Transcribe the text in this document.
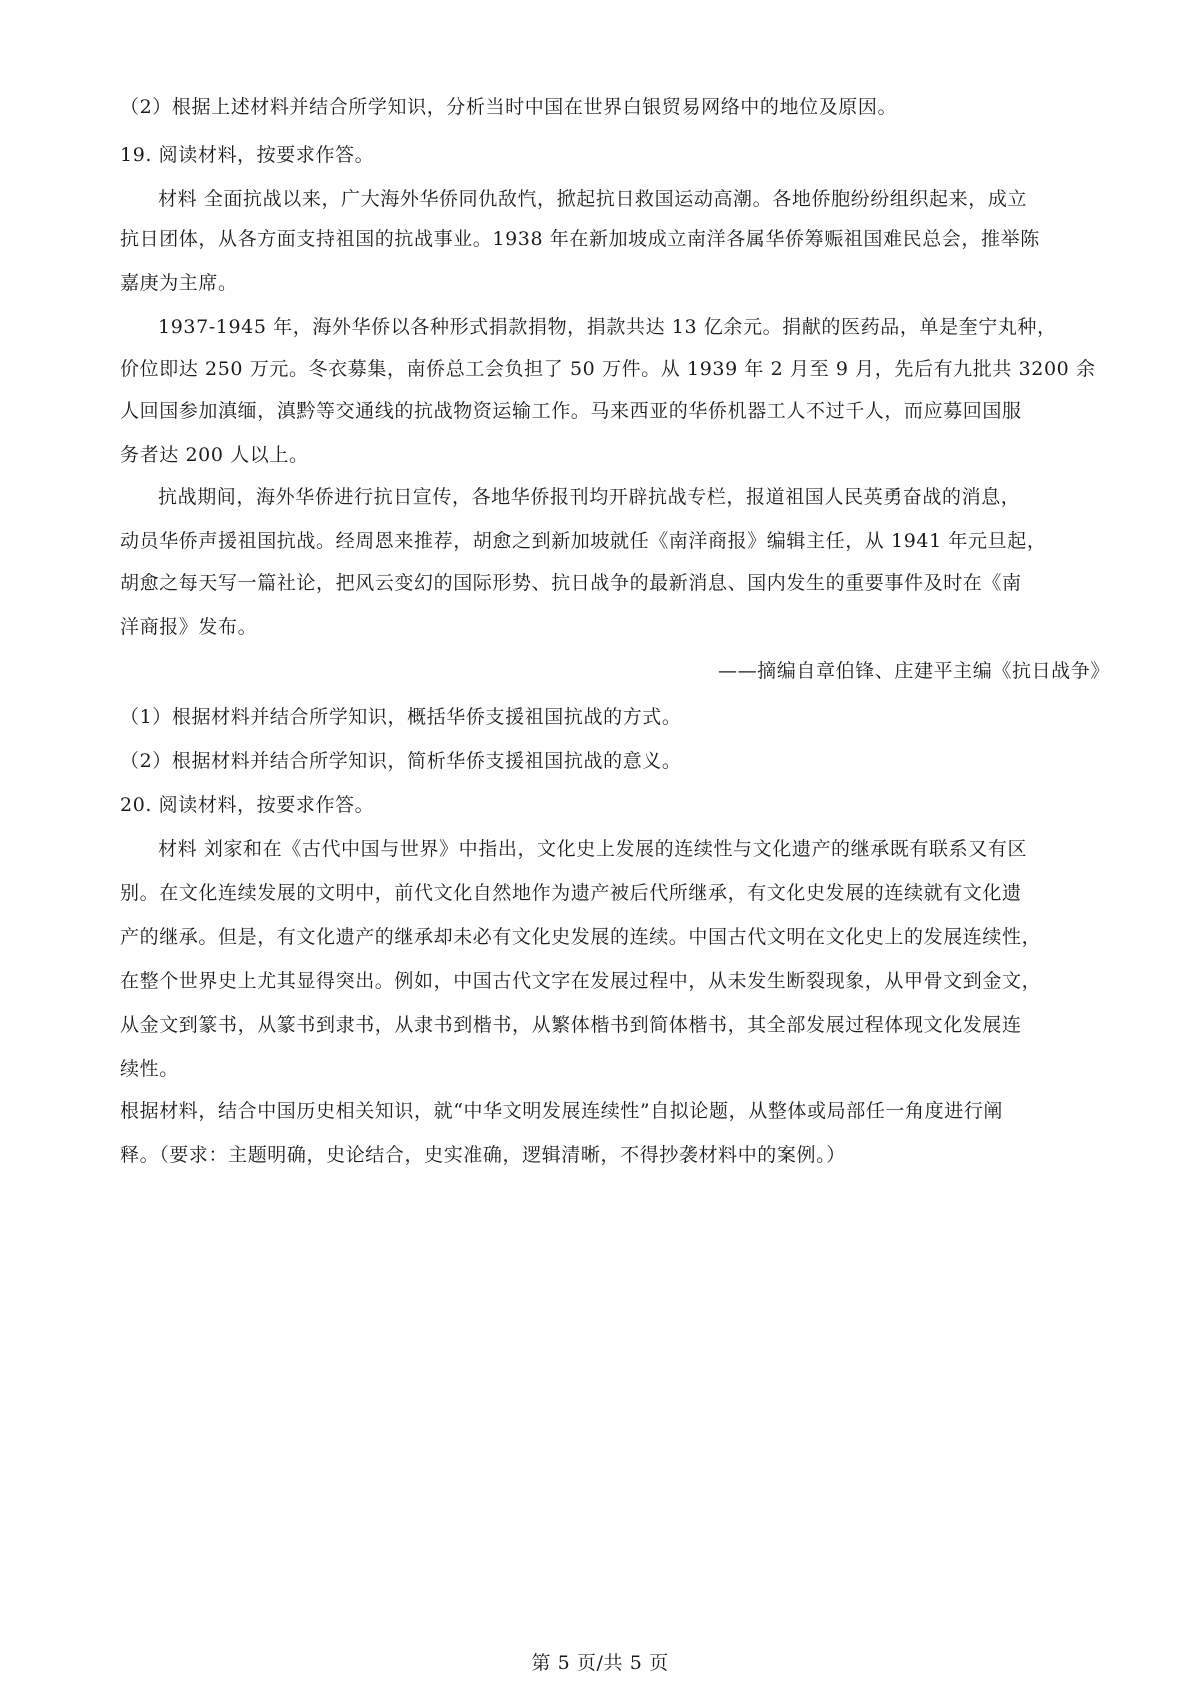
（2）根据上述材料并结合所学知识，分析当时中国在世界白银贸易网络中的地位及原因。
19. 阅读材料，按要求作答。
材料 全面抗战以来，广大海外华侨同仇敌忾，掀起抗日救国运动高潮。各地侨胞纷纷组织起来，成立
抗日团体，从各方面支持祖国的抗战事业。1938 年在新加坡成立南洋各属华侨筹赈祖国难民总会，推举陈
嘉庚为主席。
1937-1945 年，海外华侨以各种形式捐款捐物，捐款共达 13 亿余元。捐献的医药品，单是奎宁丸种，
价位即达 250 万元。冬衣募集，南侨总工会负担了 50 万件。从 1939 年 2 月至 9 月，先后有九批共 3200 余
人回国参加滇缅，滇黔等交通线的抗战物资运输工作。马来西亚的华侨机器工人不过千人，而应募回国服
务者达 200 人以上。
抗战期间，海外华侨进行抗日宣传，各地华侨报刊均开辟抗战专栏，报道祖国人民英勇奋战的消息，
动员华侨声援祖国抗战。经周恩来推荐，胡愈之到新加坡就任《南洋商报》编辑主任，从 1941 年元旦起，
胡愈之每天写一篇社论，把风云变幻的国际形势、抗日战争的最新消息、国内发生的重要事件及时在《南
洋商报》发布。
——摘编自章伯锋、庄建平主编《抗日战争》
（1）根据材料并结合所学知识，概括华侨支援祖国抗战的方式。
（2）根据材料并结合所学知识，简析华侨支援祖国抗战的意义。
20. 阅读材料，按要求作答。
材料 刘家和在《古代中国与世界》中指出，文化史上发展的连续性与文化遗产的继承既有联系又有区
别。在文化连续发展的文明中，前代文化自然地作为遗产被后代所继承，有文化史发展的连续就有文化遗
产的继承。但是，有文化遗产的继承却未必有文化史发展的连续。中国古代文明在文化史上的发展连续性，
在整个世界史上尤其显得突出。例如，中国古代文字在发展过程中，从未发生断裂现象，从甲骨文到金文，
从金文到篆书，从篆书到隶书，从隶书到楷书，从繁体楷书到简体楷书，其全部发展过程体现文化发展连
续性。
根据材料，结合中国历史相关知识，就“中华文明发展连续性”自拟论题，从整体或局部任一角度进行阐
释。（要求：主题明确，史论结合，史实准确，逻辑清晰，不得抄袭材料中的案例。）
第 5 页/共 5 页
